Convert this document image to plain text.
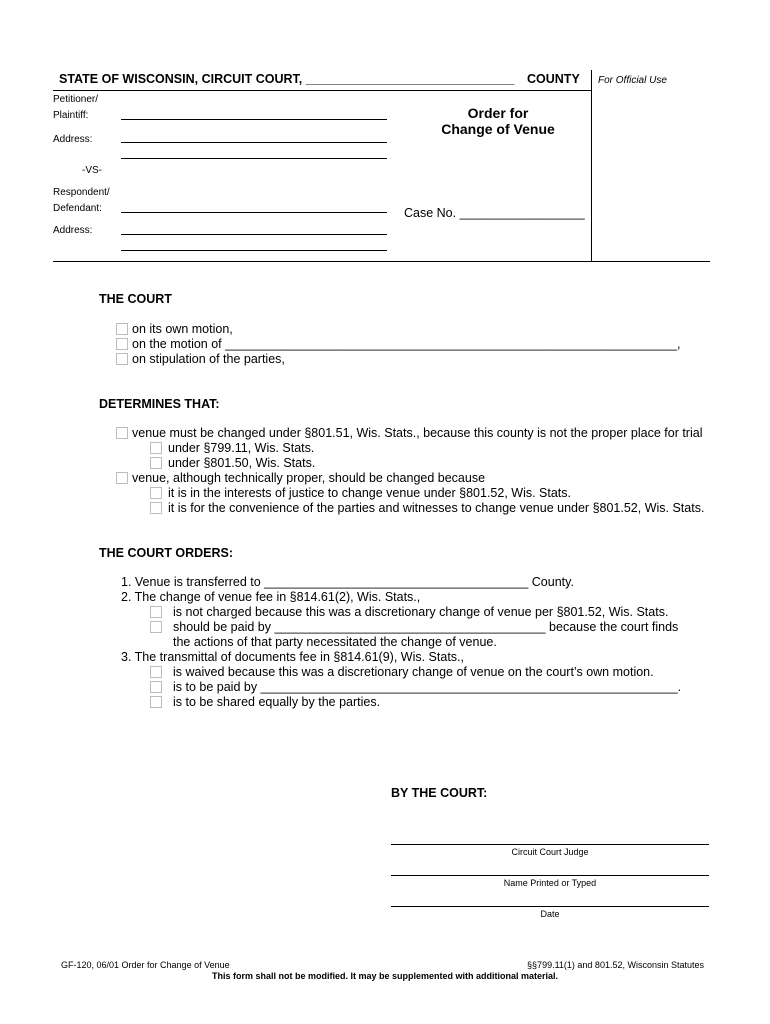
STATE OF WISCONSIN, CIRCUIT COURT, ______________________________ COUNTY For Official Use
Petitioner/
Plaintiff:
Address:
-VS-
Respondent/
Defendant:
Address:
Order for
Change of Venue
Case No. __________________
THE COURT
on its own motion,
on the motion of _________________________________________________________________,
on stipulation of the parties,
DETERMINES THAT:
venue must be changed under §801.51, Wis. Stats., because this county is not the proper place for trial
under §799.11, Wis. Stats.
under §801.50, Wis. Stats.
venue, although technically proper, should be changed because
it is in the interests of justice to change venue under §801.52, Wis. Stats.
it is for the convenience of the parties and witnesses to change venue under §801.52, Wis. Stats.
THE COURT ORDERS:
1. Venue is transferred to ______________________________________ County.
2. The change of venue fee in §814.61(2), Wis. Stats.,
is not charged because this was a discretionary change of venue per §801.52, Wis. Stats.
should be paid by _______________________________________ because the court finds
the actions of that party necessitated the change of venue.
3. The transmittal of documents fee in §814.61(9), Wis. Stats.,
is waived because this was a discretionary change of venue on the court’s own motion.
is to be paid by ____________________________________________________________.
is to be shared equally by the parties.
BY THE COURT:
Circuit Court Judge
Name Printed or Typed
Date
GF-120, 06/01 Order for Change of Venue	§§799.11(1) and 801.52, Wisconsin Statutes
This form shall not be modified. It may be supplemented with additional material.
